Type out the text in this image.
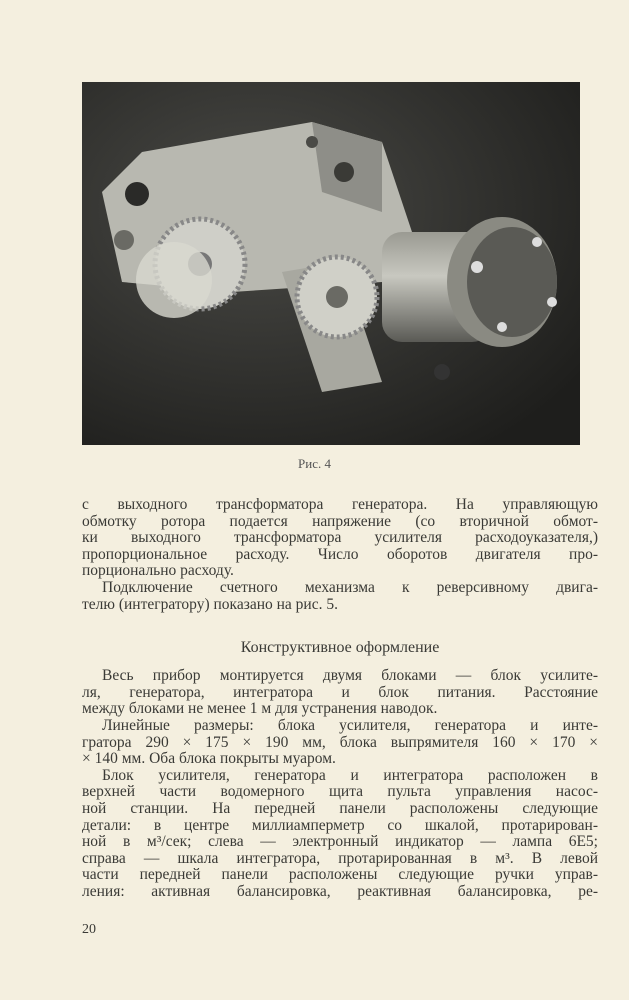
Рис. 4
с выходного трансформатора генератора. На управляющую
обмотку ротора подается напряжение (со вторичной обмот-
ки выходного трансформатора усилителя расходоуказателя,)
пропорциональное расходу. Число оборотов двигателя про-
порционально расходу.
Подключение счетного механизма к реверсивному двига-
телю (интегратору) показано на рис. 5.
Конструктивное оформление
Весь прибор монтируется двумя блоками — блок усилите-
ля, генератора, интегратора и блок питания. Расстояние
между блоками не менее 1 м для устранения наводок.
Линейные размеры: блока усилителя, генератора и инте-
гратора 290 × 175 × 190 мм, блока выпрямителя 160 × 170 ×
× 140 мм. Оба блока покрыты муаром.
Блок усилителя, генератора и интегратора расположен в
верхней части водомерного щита пульта управления насос-
ной станции. На передней панели расположены следующие
детали: в центре миллиамперметр со шкалой, протарирован-
ной в м³/сек; слева — электронный индикатор — лампа 6Е5;
справа — шкала интегратора, протарированная в м³. В левой
части передней панели расположены следующие ручки управ-
ления: активная балансировка, реактивная балансировка, ре-
20
